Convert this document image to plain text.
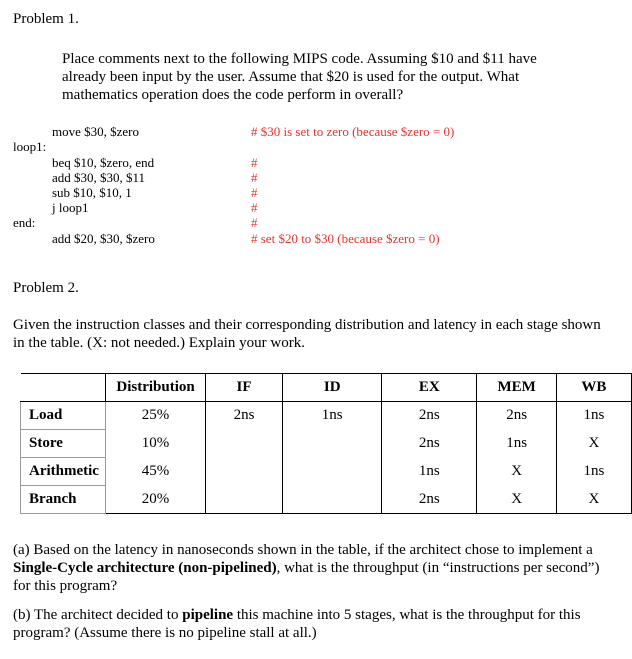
Problem 1.
Place comments next to the following MIPS code. Assuming $10 and $11 have already been input by the user. Assume that $20 is used for the output. What mathematics operation does the code perform in overall?
move $30, $zero	# $30 is set to zero (because $zero = 0)
loop1:
beq $10, $zero, end	#
add $30, $30, $11	#
sub $10, $10, 1	#
j loop1	#
end:	#
add $20, $30, $zero	# set $20 to $30 (because $zero = 0)
Problem 2.
Given the instruction classes and their corresponding distribution and latency in each stage shown in the table. (X: not needed.) Explain your work.
	Distribution	IF	ID	EX	MEM	WB
Load	25%	2ns	1ns	2ns	2ns	1ns
Store	10%			2ns	1ns	X
Arithmetic	45%			1ns	X	1ns
Branch	20%			2ns	X	X
(a) Based on the latency in nanoseconds shown in the table, if the architect chose to implement a Single-Cycle architecture (non-pipelined), what is the throughput (in “instructions per second”) for this program?
(b) The architect decided to pipeline this machine into 5 stages, what is the throughput for this program? (Assume there is no pipeline stall at all.)
